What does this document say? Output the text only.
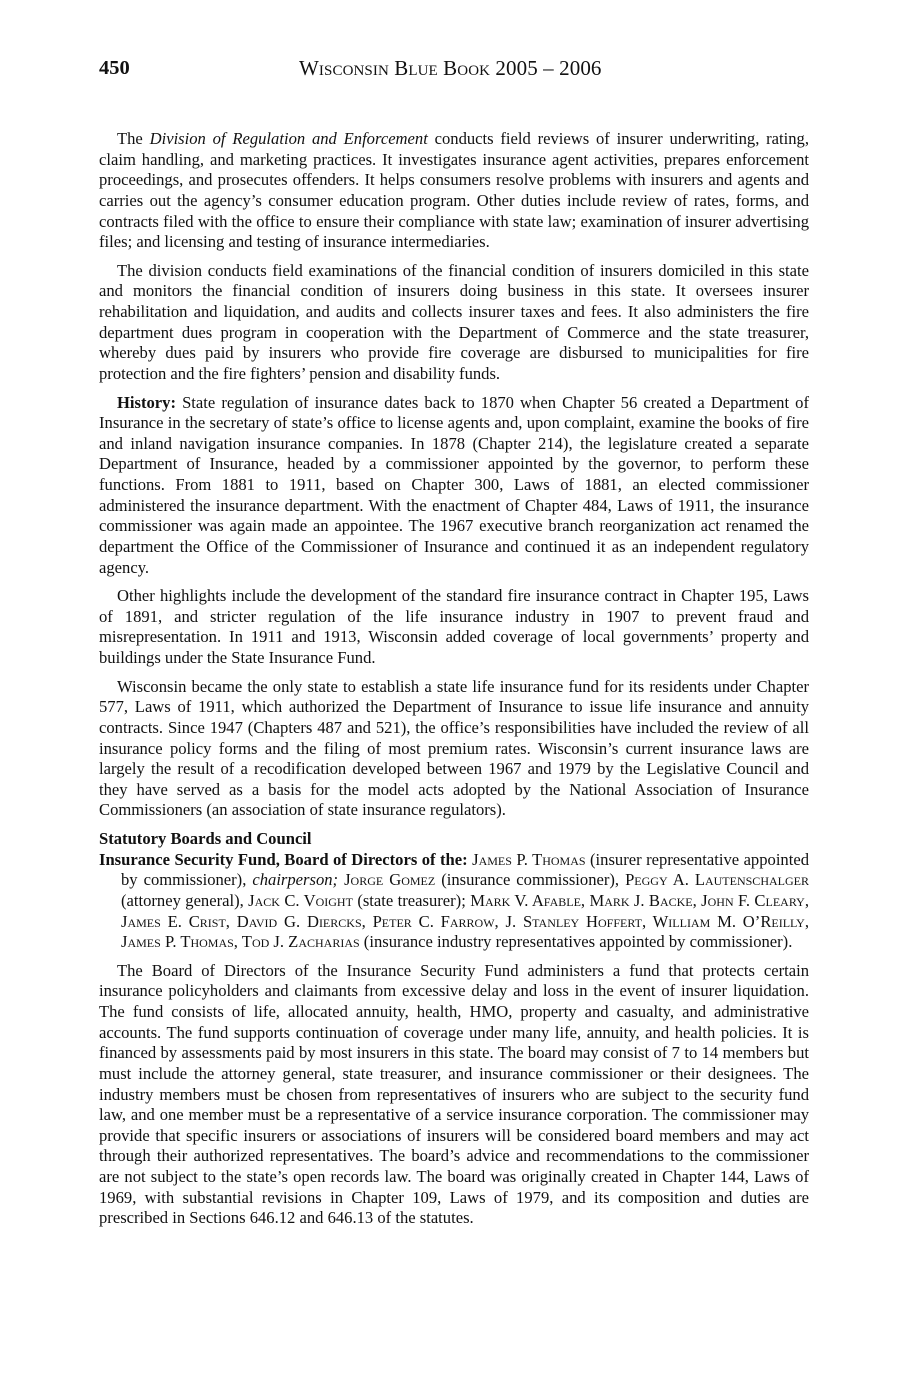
450	Wisconsin Blue Book 2005 – 2006

The Division of Regulation and Enforcement conducts field reviews of insurer underwriting, rating, claim handling, and marketing practices. It investigates insurance agent activities, prepares enforcement proceedings, and prosecutes offenders. It helps consumers resolve problems with insurers and agents and carries out the agency’s consumer education program. Other duties include review of rates, forms, and contracts filed with the office to ensure their compliance with state law; examination of insurer advertising files; and licensing and testing of insurance intermediaries.

The division conducts field examinations of the financial condition of insurers domiciled in this state and monitors the financial condition of insurers doing business in this state. It oversees insurer rehabilitation and liquidation, and audits and collects insurer taxes and fees. It also administers the fire department dues program in cooperation with the Department of Commerce and the state treasurer, whereby dues paid by insurers who provide fire coverage are disbursed to municipalities for fire protection and the fire fighters’ pension and disability funds.

History: State regulation of insurance dates back to 1870 when Chapter 56 created a Department of Insurance in the secretary of state’s office to license agents and, upon complaint, examine the books of fire and inland navigation insurance companies. In 1878 (Chapter 214), the legislature created a separate Department of Insurance, headed by a commissioner appointed by the governor, to perform these functions. From 1881 to 1911, based on Chapter 300, Laws of 1881, an elected commissioner administered the insurance department. With the enactment of Chapter 484, Laws of 1911, the insurance commissioner was again made an appointee. The 1967 executive branch reorganization act renamed the department the Office of the Commissioner of Insurance and continued it as an independent regulatory agency.

Other highlights include the development of the standard fire insurance contract in Chapter 195, Laws of 1891, and stricter regulation of the life insurance industry in 1907 to prevent fraud and misrepresentation. In 1911 and 1913, Wisconsin added coverage of local governments’ property and buildings under the State Insurance Fund.

Wisconsin became the only state to establish a state life insurance fund for its residents under Chapter 577, Laws of 1911, which authorized the Department of Insurance to issue life insurance and annuity contracts. Since 1947 (Chapters 487 and 521), the office’s responsibilities have included the review of all insurance policy forms and the filing of most premium rates. Wisconsin’s current insurance laws are largely the result of a recodification developed between 1967 and 1979 by the Legislative Council and they have served as a basis for the model acts adopted by the National Association of Insurance Commissioners (an association of state insurance regulators).

Statutory Boards and Council

Insurance Security Fund, Board of Directors of the: James P. Thomas (insurer representative appointed by commissioner), chairperson; Jorge Gomez (insurance commissioner), Peggy A. Lautenschalger (attorney general), Jack C. Voight (state treasurer); Mark V. Afable, Mark J. Backe, John F. Cleary, James E. Crist, David G. Diercks, Peter C. Farrow, J. Stanley Hoffert, William M. O’Reilly, James P. Thomas, Tod J. Zacharias (insurance industry representatives appointed by commissioner).

The Board of Directors of the Insurance Security Fund administers a fund that protects certain insurance policyholders and claimants from excessive delay and loss in the event of insurer liquidation. The fund consists of life, allocated annuity, health, HMO, property and casualty, and administrative accounts. The fund supports continuation of coverage under many life, annuity, and health policies. It is financed by assessments paid by most insurers in this state. The board may consist of 7 to 14 members but must include the attorney general, state treasurer, and insurance commissioner or their designees. The industry members must be chosen from representatives of insurers who are subject to the security fund law, and one member must be a representative of a service insurance corporation. The commissioner may provide that specific insurers or associations of insurers will be considered board members and may act through their authorized representatives. The board’s advice and recommendations to the commissioner are not subject to the state’s open records law. The board was originally created in Chapter 144, Laws of 1969, with substantial revisions in Chapter 109, Laws of 1979, and its composition and duties are prescribed in Sections 646.12 and 646.13 of the statutes.
